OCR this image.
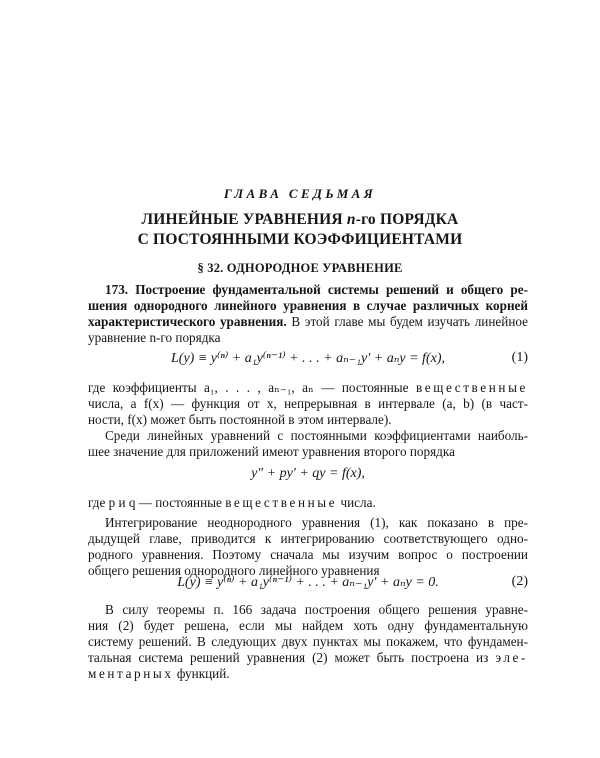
ГЛАВА СЕДЬМАЯ
ЛИНЕЙНЫЕ УРАВНЕНИЯ n-го ПОРЯДКА
С ПОСТОЯННЫМИ КОЭФФИЦИЕНТАМИ
§ 32. ОДНОРОДНОЕ УРАВНЕНИЕ
173. Построение фундаментальной системы решений и общего ре-
шения однородного линейного уравнения в случае различных корней
характеристического уравнения. В этой главе мы будем изучать линейное
уравнение n-го порядка
L(y) ≡ y⁽ⁿ⁾ + a₁y⁽ⁿ⁻¹⁾ + . . . + aₙ₋₁y′ + aₙy = f(x),	(1)
где коэффициенты a₁, . . . , aₙ₋₁, aₙ — постоянные вещественные
числа, а f(x) — функция от x, непрерывная в интервале (a, b) (в част-
ности, f(x) может быть постоянной в этом интервале).
Среди линейных уравнений с постоянными коэффициентами наиболь-
шее значение для приложений имеют уравнения второго порядка
y″ + py′ + qy = f(x),
где p и q — постоянные вещественные числа.
Интегрирование неоднородного уравнения (1), как показано в пре-
дыдущей главе, приводится к интегрированию соответствующего одно-
родного уравнения. Поэтому сначала мы изучим вопрос о построении
общего решения однородного линейного уравнения
L(y) ≡ y⁽ⁿ⁾ + a₁y⁽ⁿ⁻¹⁾ + . . . + aₙ₋₁y′ + aₙy = 0.	(2)
В силу теоремы п. 166 задача построения общего решения уравне-
ния (2) будет решена, если мы найдем хоть одну фундаментальную
систему решений. В следующих двух пунктах мы покажем, что фундамен-
тальная система решений уравнения (2) может быть построена из эле-
ментарных функций.
